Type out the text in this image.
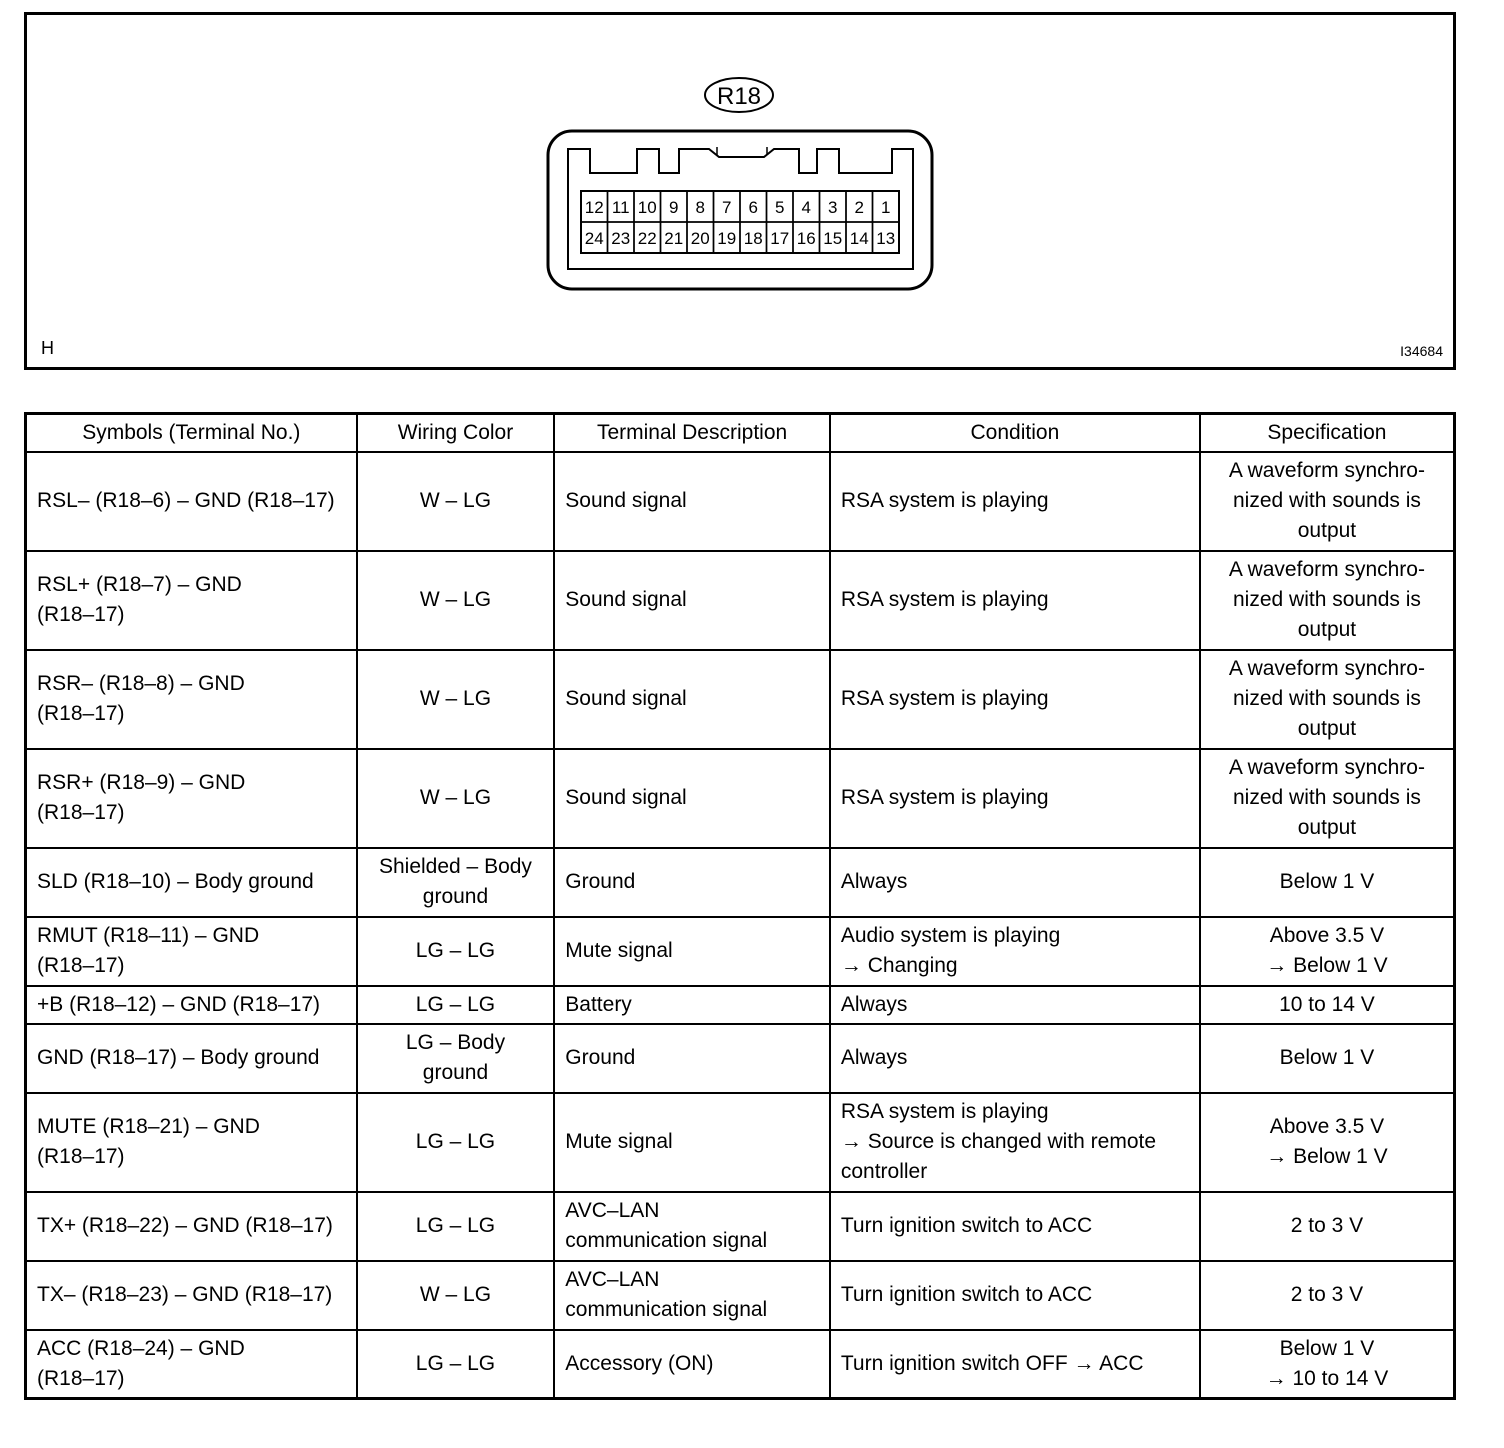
R18
12 11 10 9 8 7 6 5 4 3 2 1
24 23 22 21 20 19 18 17 16 15 14 13
H	I34684
Symbols (Terminal No.)	Wiring Color	Terminal Description	Condition	Specification
RSL– (R18–6) – GND (R18–17)	W – LG	Sound signal	RSA system is playing	A waveform synchro-
nized with sounds is
output
RSL+ (R18–7) – GND
(R18–17)	W – LG	Sound signal	RSA system is playing	A waveform synchro-
nized with sounds is
output
RSR– (R18–8) – GND
(R18–17)	W – LG	Sound signal	RSA system is playing	A waveform synchro-
nized with sounds is
output
RSR+ (R18–9) – GND
(R18–17)	W – LG	Sound signal	RSA system is playing	A waveform synchro-
nized with sounds is
output
SLD (R18–10) – Body ground	Shielded – Body
ground	Ground	Always	Below 1 V
RMUT (R18–11) – GND
(R18–17)	LG – LG	Mute signal	Audio system is playing
→ Changing	Above 3.5 V
→ Below 1 V
+B (R18–12) – GND (R18–17)	LG – LG	Battery	Always	10 to 14 V
GND (R18–17) – Body ground	LG – Body
ground	Ground	Always	Below 1 V
MUTE (R18–21) – GND
(R18–17)	LG – LG	Mute signal	RSA system is playing
→ Source is changed with remote
controller	Above 3.5 V
→ Below 1 V
TX+ (R18–22) – GND (R18–17)	LG – LG	AVC–LAN
communication signal	Turn ignition switch to ACC	2 to 3 V
TX– (R18–23) – GND (R18–17)	W – LG	AVC–LAN
communication signal	Turn ignition switch to ACC	2 to 3 V
ACC (R18–24) – GND
(R18–17)	LG – LG	Accessory (ON)	Turn ignition switch OFF → ACC	Below 1 V
→ 10 to 14 V
